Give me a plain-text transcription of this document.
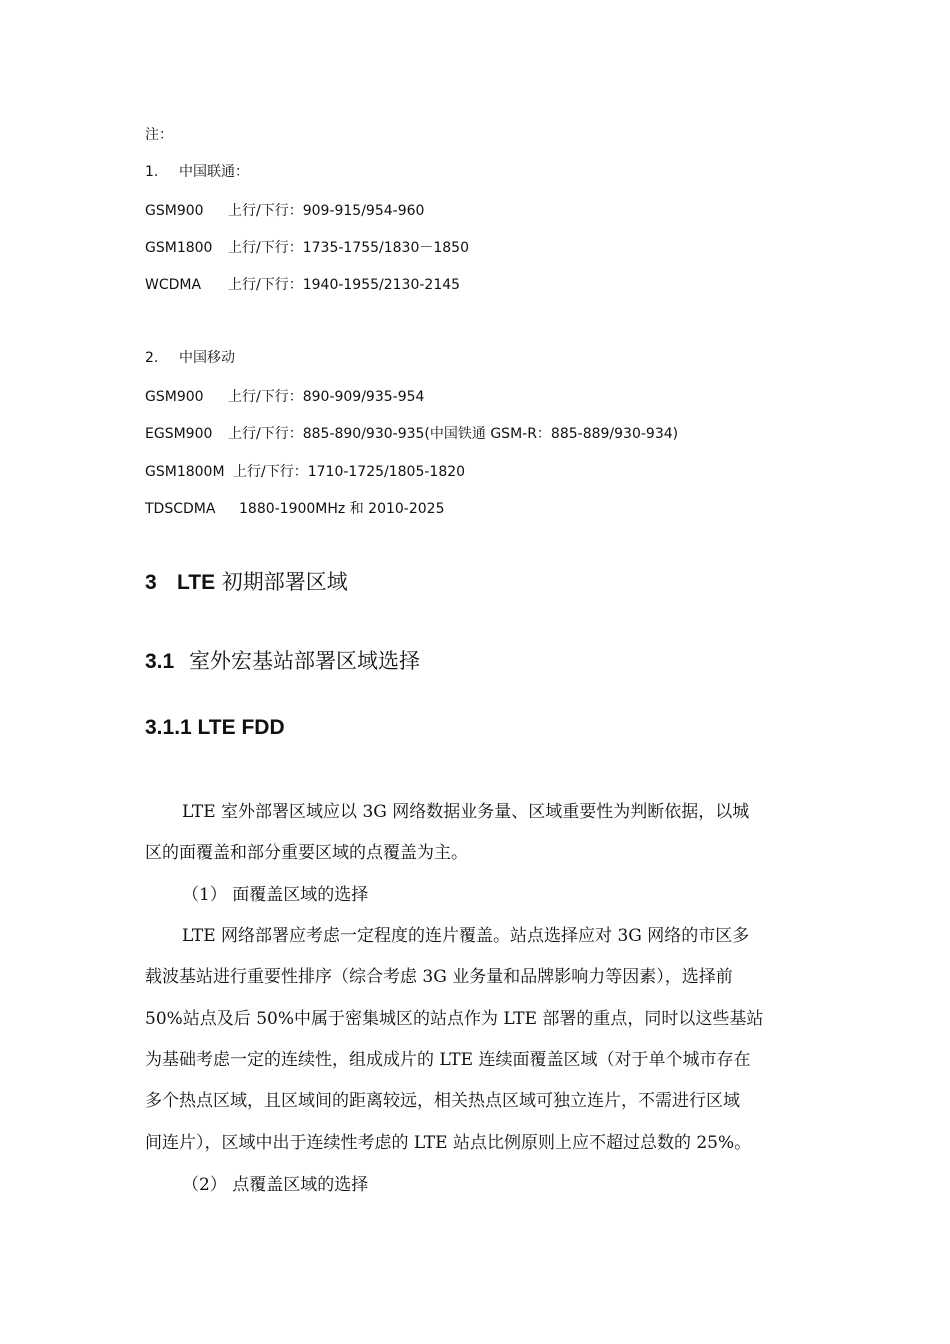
注：
1. 中国联通：
GSM900 上行/下行：909-915/954-960
GSM1800 上行/下行：1735-1755/1830－1850
WCDMA 上行/下行：1940-1955/2130-2145
2. 中国移动
GSM900 上行/下行：890-909/935-954
EGSM900 上行/下行：885-890/930-935(中国铁通 GSM-R：885-889/930-934)
GSM1800M 上行/下行：1710-1725/1805-1820
TDSCDMA 1880-1900MHz 和 2010-2025
3 LTE 初期部署区域
3.1 室外宏基站部署区域选择
3.1.1 LTE FDD
LTE 室外部署区域应以 3G 网络数据业务量、区域重要性为判断依据，以城
区的面覆盖和部分重要区域的点覆盖为主。
（1） 面覆盖区域的选择
LTE 网络部署应考虑一定程度的连片覆盖。站点选择应对 3G 网络的市区多
载波基站进行重要性排序（综合考虑 3G 业务量和品牌影响力等因素），选择前
50%站点及后 50%中属于密集城区的站点作为 LTE 部署的重点，同时以这些基站
为基础考虑一定的连续性，组成成片的 LTE 连续面覆盖区域（对于单个城市存在
多个热点区域，且区域间的距离较远，相关热点区域可独立连片，不需进行区域
间连片），区域中出于连续性考虑的 LTE 站点比例原则上应不超过总数的 25%。
（2） 点覆盖区域的选择
